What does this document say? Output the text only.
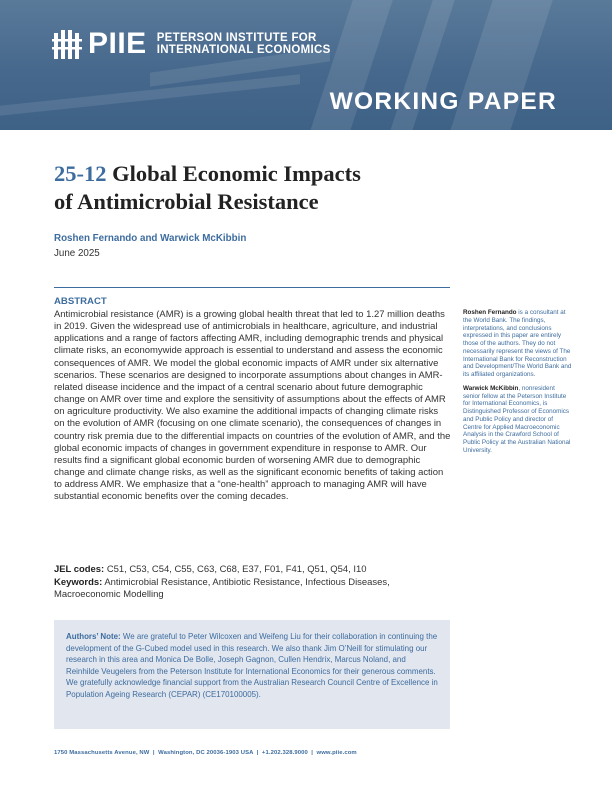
PIIE PETERSON INSTITUTE FOR
INTERNATIONAL ECONOMICS
WORKING PAPER
25-12 Global Economic Impacts
of Antimicrobial Resistance
Roshen Fernando and Warwick McKibbin
June 2025
ABSTRACT

Antimicrobial resistance (AMR) is a growing global health threat that led to 1.27 million deaths in 2019. Given the widespread use of antimicrobials in healthcare, agriculture, and industrial applications and a range of factors affecting AMR, including demographic trends and physical climate risks, an economywide approach is essential to understand and assess the economic consequences of AMR. We model the global economic impacts of AMR under six alternative scenarios. These scenarios are designed to incorporate assumptions about changes in AMR-related disease incidence and the impact of a central scenario about future demographic change on AMR over time and explore the sensitivity of assumptions about the effects of AMR on agriculture productivity. We also examine the additional impacts of changing climate risks on the evolution of AMR (focusing on one climate scenario), the consequences of changes in country risk premia due to the differential impacts on countries of the evolution of AMR, and the global economic impacts of changes in government expenditure in response to AMR. Our results find a significant global economic burden of worsening AMR due to demographic change and climate change risks, as well as the significant economic benefits of taking action to address AMR. We emphasize that a “one-health” approach to managing AMR will have substantial economic benefits over the coming decades.

JEL codes: C51, C53, C54, C55, C63, C68, E37, F01, F41, Q51, Q54, I10
Keywords: Antimicrobial Resistance, Antibiotic Resistance, Infectious Diseases, Macroeconomic Modelling

Roshen Fernando is a consultant at the World Bank. The findings, interpretations, and conclusions expressed in this paper are entirely those of the authors. They do not necessarily represent the views of The International Bank for Reconstruction and Development/The World Bank and its affiliated organizations.

Warwick McKibbin, nonresident senior fellow at the Peterson Institute for International Economics, is Distinguished Professor of Economics and Public Policy and director of Centre for Applied Macroeconomic Analysis in the Crawford School of Public Policy at the Australian National University.

Authors’ Note: We are grateful to Peter Wilcoxen and Weifeng Liu for their collaboration in continuing the development of the G-Cubed model used in this research. We also thank Jim O’Neill for stimulating our research in this area and Monica De Bolle, Joseph Gagnon, Cullen Hendrix, Marcus Noland, and Reinhilde Veugelers from the Peterson Institute for International Economics for their generous comments. We gratefully acknowledge financial support from the Australian Research Council Centre of Excellence in Population Ageing Research (CEPAR) (CE170100005).
1750 Massachusetts Avenue, NW  |  Washington, DC 20036-1903 USA  |  +1.202.328.9000  |  www.piie.com
